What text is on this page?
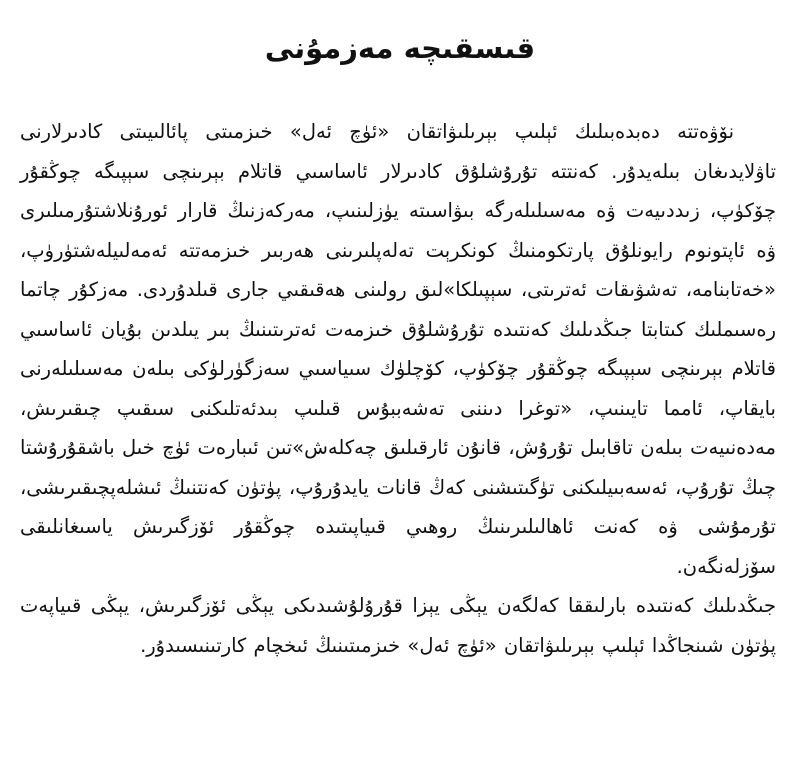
قىسقىچە مەزمۇنى

نۆۋەتتە دەبدەبىلىك ئېلىپ بېرىلىۋاتقان «ئۈچ ئەل» خىزمىتى پائالىيىتى كادىرلارنى تاۋلايدىغان بىلەيدۇر. كەنتتە تۇرۇشلۇق كادىرلار ئاساسىي قاتلام بېرىنچى سېپىگە چوڭقۇر چۆكۈپ، زىددىيەت ۋە مەسىلىلەرگە بىۋاسىتە يۈزلىنىپ، مەركەزنىڭ قارار ئورۇنلاشتۇرمىلىرى ۋە ئاپتونوم رايونلۇق پارتكومنىڭ كونكرېت تەلەپلىرىنى ھەربىر خىزمەتتە ئەمەلىيلەشتۈرۈپ، «خەتابنامە، تەشۋىقات ئەترىتى، سېپىلكا»لىق رولىنى ھەقىقىي جارى قىلدۇردى. مەزكۇر چاتما رەسىملىك كىتابتا جىڭدىلىك كەنتىدە تۇرۇشلۇق خىزمەت ئەترىتىنىڭ بىر يىلدىن بۇيان ئاساسىي قاتلام بېرىنچى سېپىگە چوڭقۇر چۆكۈپ، كۆچلۈك سىياسىي سەزگۈرلۈكى بىلەن مەسىلىلەرنى بايقاپ، ئامما تايىنىپ، «توغرا دىننى تەشەببۇس قىلىپ بىدئەتلىكنى سىقىپ چىقىرىش، مەدەنىيەت بىلەن تاقابىل تۇرۇش، قانۇن ئارقىلىق چەكلەش»تىن ئىبارەت ئۈچ خىل باشقۇرۇشتا چىڭ تۇرۇپ، ئەسەبىيلىكنى تۈگىتىشنى كەڭ قانات يايدۇرۇپ، پۈتۈن كەنتنىڭ ئىشلەپچىقىرىشى، تۇرمۇشى ۋە كەنت ئاھالىلىرىنىڭ روھىي قىياپىتىدە چوڭقۇر ئۆزگىرىش ياسىغانلىقى سۆزلەنگەن.

جىڭدىلىك كەنتىدە بارلىققا كەلگەن يېڭى يېزا قۇرۇلۇشىدىكى يېڭى ئۆزگىرىش، يېڭى قىياپەت پۈتۈن شىنجاڭدا ئېلىپ بېرىلىۋاتقان «ئۈچ ئەل» خىزمىتىنىڭ ئىخچام كارتىنىسىدۇر.
